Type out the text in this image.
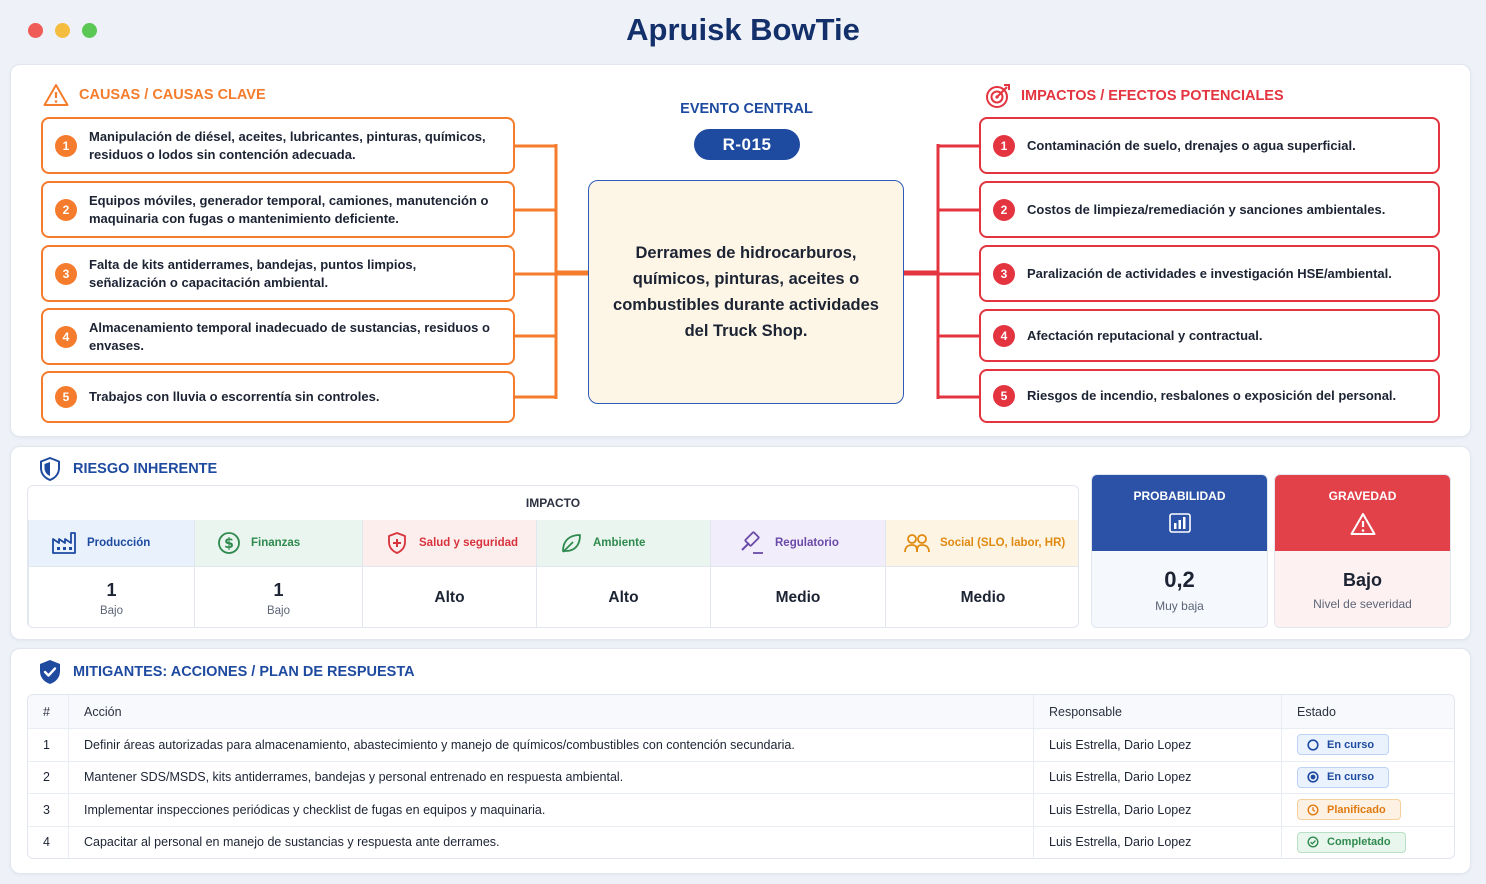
Apruisk BowTie
CAUSAS / CAUSAS CLAVE
1
Manipulación de diésel, aceites, lubricantes, pinturas, químicos, residuos o lodos sin contención adecuada.
2
Equipos móviles, generador temporal, camiones, manutención o maquinaria con fugas o mantenimiento deficiente.
3
Falta de kits antiderrames, bandejas, puntos limpios, señalización o capacitación ambiental.
4
Almacenamiento temporal inadecuado de sustancias, residuos o envases.
5	Trabajos con lluvia o escorrentía sin controles.
EVENTO CENTRAL
R-015
Derrames de hidrocarburos, químicos, pinturas, aceites o combustibles durante actividades del Truck Shop.
IMPACTOS / EFECTOS POTENCIALES
1	Contaminación de suelo, drenajes o agua superficial.
2	Costos de limpieza/remediación y sanciones ambientales.
3	Paralización de actividades e investigación HSE/ambiental.
4	Afectación reputacional y contractual.
5	Riesgos de incendio, resbalones o exposición del personal.
RIESGO INHERENTE
IMPACTO
Producción
1
Bajo
$ Finanzas
1
Bajo
Salud y seguridad
Alto
Ambiente
Alto
Regulatorio
Medio
Social (SLO, labor, HR)
Medio
PROBABILIDAD
0,2
Muy baja
GRAVEDAD
Bajo
Nivel de severidad
MITIGANTES: ACCIONES / PLAN DE RESPUESTA
#	Acción	Responsable	Estado
1	Definir áreas autorizadas para almacenamiento, abastecimiento y manejo de químicos/combustibles con contención secundaria.	Luis Estrella, Dario Lopez	En curso
2	Mantener SDS/MSDS, kits antiderrames, bandejas y personal entrenado en respuesta ambiental.	Luis Estrella, Dario Lopez	En curso
3	Implementar inspecciones periódicas y checklist de fugas en equipos y maquinaria.	Luis Estrella, Dario Lopez	Planificado
4	Capacitar al personal en manejo de sustancias y respuesta ante derrames.	Luis Estrella, Dario Lopez	Completado
